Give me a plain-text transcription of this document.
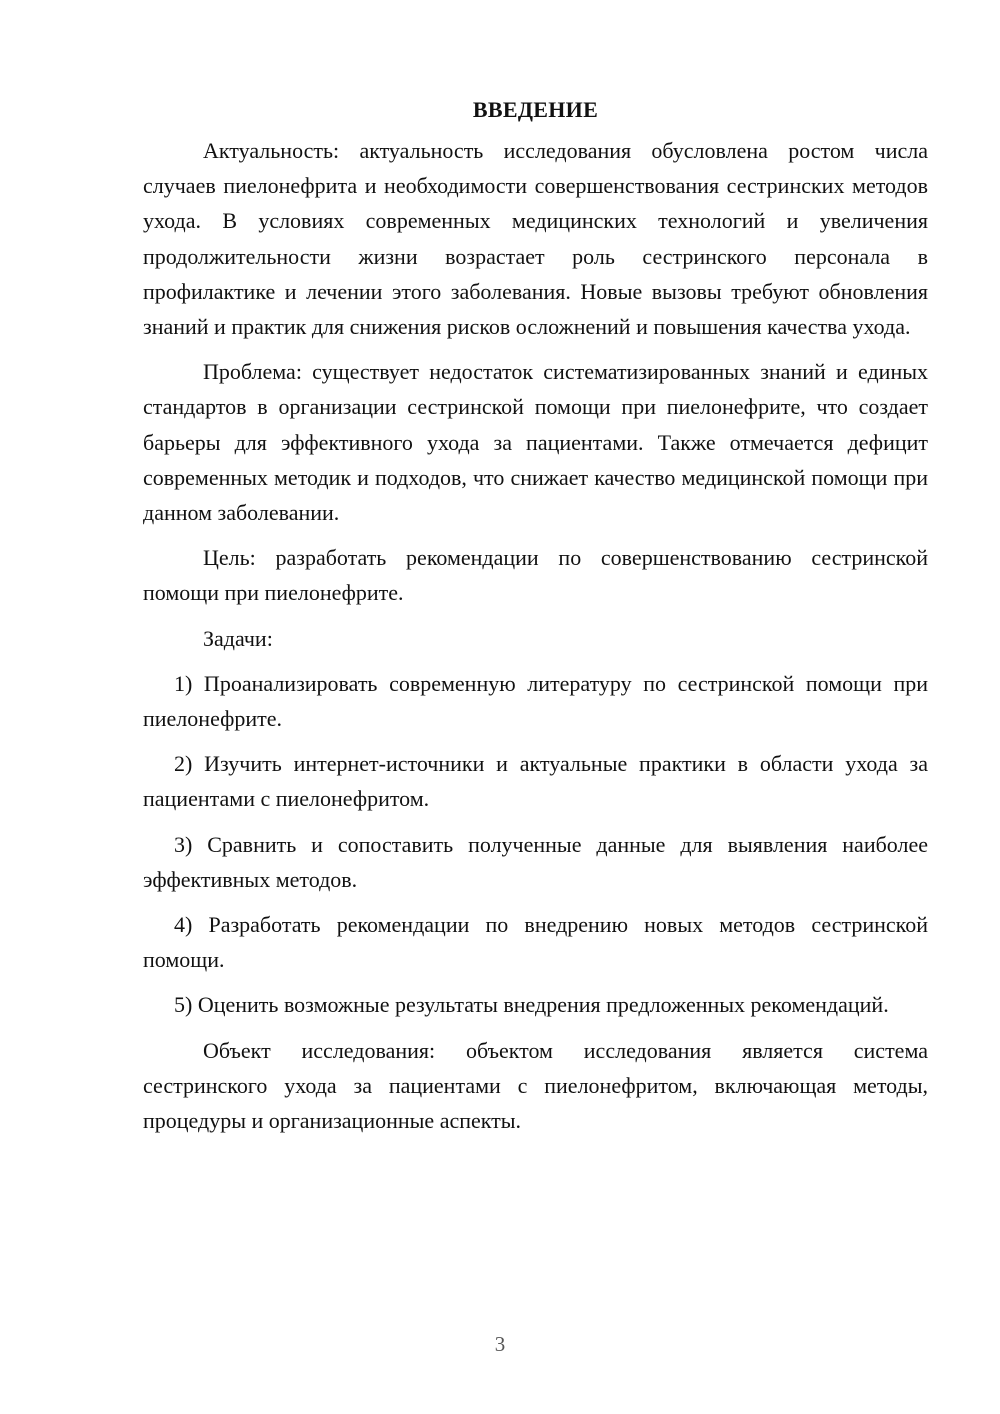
ВВЕДЕНИЕ

Актуальность: актуальность исследования обусловлена ростом числа случаев пиелонефрита и необходимости совершенствования сестринских методов ухода. В условиях современных медицинских технологий и увеличения продолжительности жизни возрастает роль сестринского персонала в профилактике и лечении этого заболевания. Новые вызовы требуют обновления знаний и практик для снижения рисков осложнений и повышения качества ухода.

Проблема: существует недостаток систематизированных знаний и единых стандартов в организации сестринской помощи при пиелонефрите, что создает барьеры для эффективного ухода за пациентами. Также отмечается дефицит современных методик и подходов, что снижает качество медицинской помощи при данном заболевании.

Цель: разработать рекомендации по совершенствованию сестринской помощи при пиелонефрите.

Задачи:

1) Проанализировать современную литературу по сестринской помощи при пиелонефрите.

2) Изучить интернет-источники и актуальные практики в области ухода за пациентами с пиелонефритом.

3) Сравнить и сопоставить полученные данные для выявления наиболее эффективных методов.

4) Разработать рекомендации по внедрению новых методов сестринской помощи.

5) Оценить возможные результаты внедрения предложенных рекомендаций.

Объект исследования: объектом исследования является система сестринского ухода за пациентами с пиелонефритом, включающая методы, процедуры и организационные аспекты.

3
